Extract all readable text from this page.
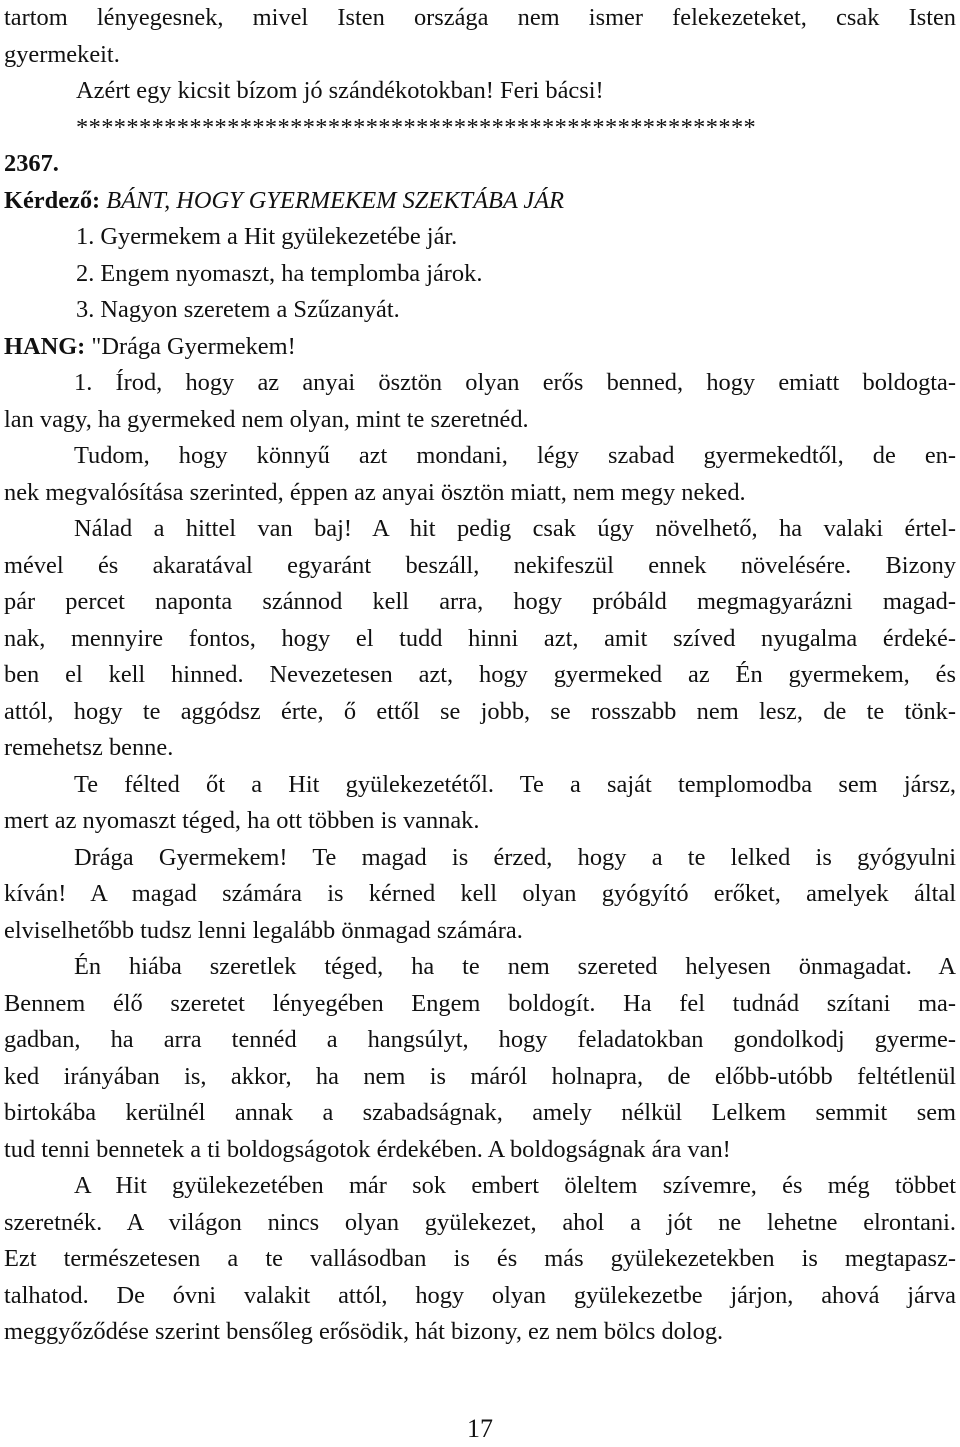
tartom lényegesnek, mivel Isten országa nem ismer felekezeteket, csak Isten
gyermekeit.
Azért egy kicsit bízom jó szándékotokban! Feri bácsi!
******************************************************
2367.
Kérdező: BÁNT, HOGY GYERMEKEM SZEKTÁBA JÁR
1. Gyermekem a Hit gyülekezetébe jár.
2. Engem nyomaszt, ha templomba járok.
3. Nagyon szeretem a Szűzanyát.
HANG: "Drága Gyermekem!
1. Írod, hogy az anyai ösztön olyan erős benned, hogy emiatt boldogta-
lan vagy, ha gyermeked nem olyan, mint te szeretnéd.
Tudom, hogy könnyű azt mondani, légy szabad gyermekedtől, de en-
nek megvalósítása szerinted, éppen az anyai ösztön miatt, nem megy neked.
Nálad a hittel van baj! A hit pedig csak úgy növelhető, ha valaki értel-
mével és akaratával egyaránt beszáll, nekifeszül ennek növelésére. Bizony
pár percet naponta szánnod kell arra, hogy próbáld megmagyarázni magad-
nak, mennyire fontos, hogy el tudd hinni azt, amit szíved nyugalma érdeké-
ben el kell hinned. Nevezetesen azt, hogy gyermeked az Én gyermekem, és
attól, hogy te aggódsz érte, ő ettől se jobb, se rosszabb nem lesz, de te tönk-
remehetsz benne.
Te félted őt a Hit gyülekezetétől. Te a saját templomodba sem jársz,
mert az nyomaszt téged, ha ott többen is vannak.
Drága Gyermekem! Te magad is érzed, hogy a te lelked is gyógyulni
kíván! A magad számára is kérned kell olyan gyógyító erőket, amelyek által
elviselhetőbb tudsz lenni legalább önmagad számára.
Én hiába szeretlek téged, ha te nem szereted helyesen önmagadat. A
Bennem élő szeretet lényegében Engem boldogít. Ha fel tudnád szítani ma-
gadban, ha arra tennéd a hangsúlyt, hogy feladatokban gondolkodj gyerme-
ked irányában is, akkor, ha nem is máról holnapra, de előbb-utóbb feltétlenül
birtokába kerülnél annak a szabadságnak, amely nélkül Lelkem semmit sem
tud tenni bennetek a ti boldogságotok érdekében. A boldogságnak ára van!
A Hit gyülekezetében már sok embert öleltem szívemre, és még többet
szeretnék. A világon nincs olyan gyülekezet, ahol a jót ne lehetne elrontani.
Ezt természetesen a te vallásodban is és más gyülekezetekben is megtapasz-
talhatod. De óvni valakit attól, hogy olyan gyülekezetbe járjon, ahová járva
meggyőződése szerint bensőleg erősödik, hát bizony, ez nem bölcs dolog.
17
